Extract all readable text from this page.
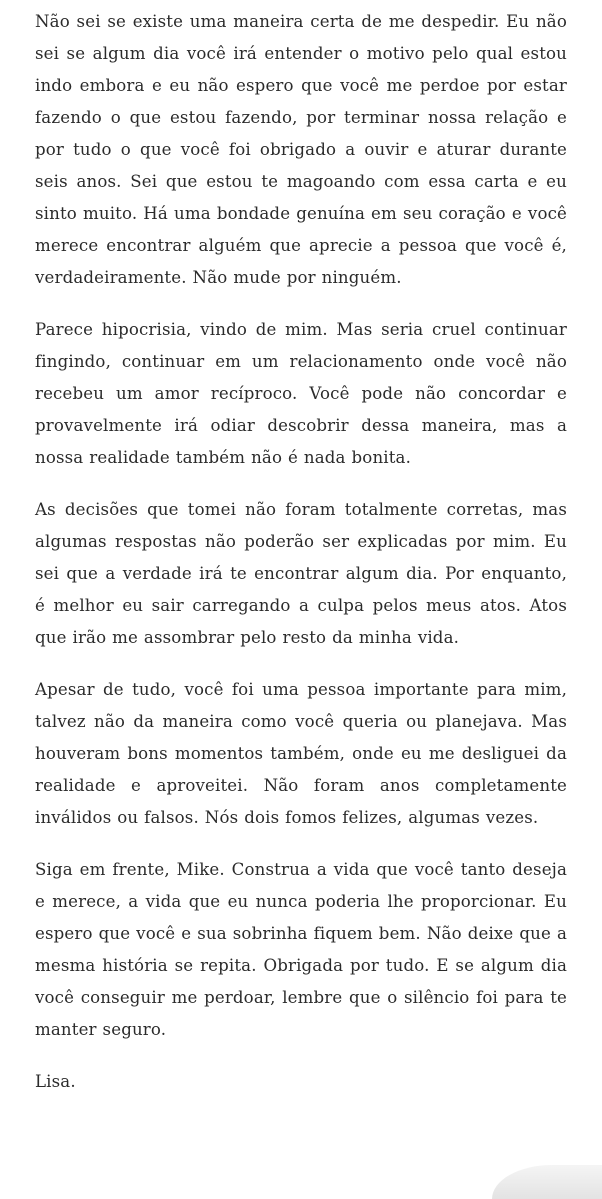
Não sei se existe uma maneira certa de me despedir. Eu não sei se algum dia você irá entender o motivo pelo qual estou indo embora e eu não espero que você me perdoe por estar fazendo o que estou fazendo, por terminar nossa relação e por tudo o que você foi obrigado a ouvir e aturar durante seis anos. Sei que estou te magoando com essa carta e eu sinto muito. Há uma bondade genuína em seu coração e você merece encontrar alguém que aprecie a pessoa que você é, verdadeiramente. Não mude por ninguém.

Parece hipocrisia, vindo de mim. Mas seria cruel continuar fingindo, continuar em um relacionamento onde você não recebeu um amor recíproco. Você pode não concordar e provavelmente irá odiar descobrir dessa maneira, mas a nossa realidade também não é nada bonita.

As decisões que tomei não foram totalmente corretas, mas algumas respostas não poderão ser explicadas por mim. Eu sei que a verdade irá te encontrar algum dia. Por enquanto, é melhor eu sair carregando a culpa pelos meus atos. Atos que irão me assombrar pelo resto da minha vida.

Apesar de tudo, você foi uma pessoa importante para mim, talvez não da maneira como você queria ou planejava. Mas houveram bons momentos também, onde eu me desliguei da realidade e aproveitei. Não foram anos completamente inválidos ou falsos. Nós dois fomos felizes, algumas vezes.

Siga em frente, Mike. Construa a vida que você tanto deseja e merece, a vida que eu nunca poderia lhe proporcionar. Eu espero que você e sua sobrinha fiquem bem. Não deixe que a mesma história se repita. Obrigada por tudo. E se algum dia você conseguir me perdoar, lembre que o silêncio foi para te manter seguro.

Lisa.
